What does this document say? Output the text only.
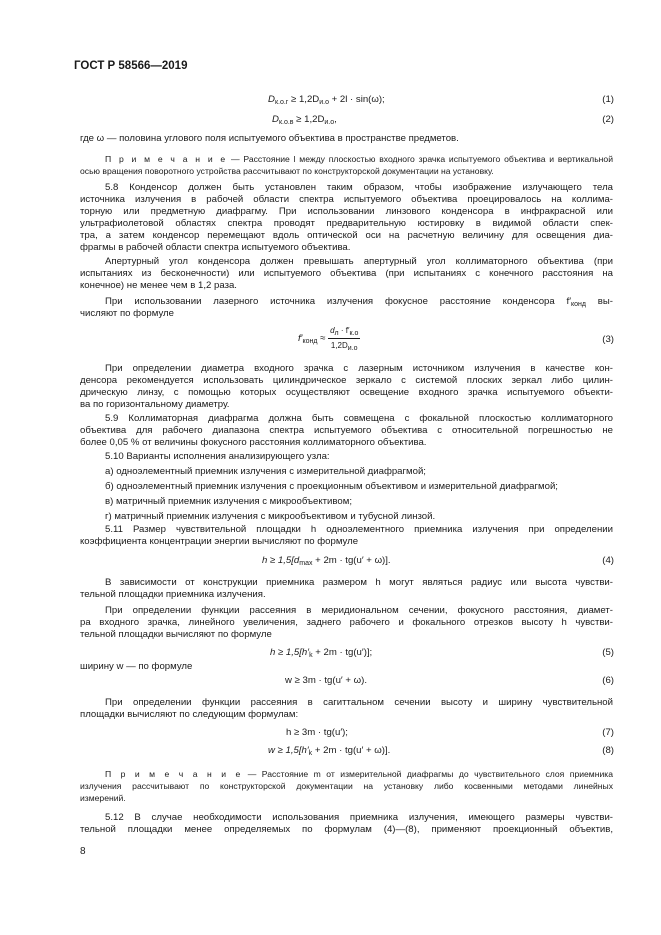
ГОСТ Р 58566—2019
$D_{к.о.г} \ge 1,2D_{и.о} + 2l \cdot \sin(\omega)$;	(1)
$D_{к.о.в} \ge 1,2D_{и.о}$,	(2)
где ω — половина углового поля испытуемого объектива в пространстве предметов.
П р и м е ч а н и е — Расстояние l между плоскостью входного зрачка испытуемого объектива и вертикальной
осью вращения поворотного устройства рассчитывают по конструкторской документации на установку.
5.8 Конденсор должен быть установлен таким образом, чтобы изображение излучающего тела
источника излучения в рабочей области спектра испытуемого объектива проецировалось на коллима-
торную или предметную диафрагму. При использовании линзового конденсора в инфракрасной или
ультрафиолетовой областях спектра проводят предварительную юстировку в видимой области спек-
тра, а затем конденсор перемещают вдоль оптической оси на расчетную величину для освещения диа-
фрагмы в рабочей области спектра испытуемого объектива.
Апертурный угол конденсора должен превышать апертурный угол коллиматорного объектива (при
испытаниях из бесконечности) или испытуемого объектива (при испытаниях с конечного расстояния на
конечное) не менее чем в 1,2 раза.
При использовании лазерного источника излучения фокусное расстояние конденсора $f'_{конд}$ вы-
числяют по формуле
$f'_{конд} \approx \frac{d_л \cdot f'_{к.о}}{1,2D_{и.о}}$	(3)
При определении диаметра входного зрачка с лазерным источником излучения в качестве кон-
денсора рекомендуется использовать цилиндрическое зеркало с системой плоских зеркал либо цилин-
дрическую линзу, с помощью которых осуществляют освещение входного зрачка испытуемого объекти-
ва по горизонтальному диаметру.
5.9 Коллиматорная диафрагма должна быть совмещена с фокальной плоскостью коллиматорного
объектива для рабочего диапазона спектра испытуемого объектива с относительной погрешностью не
более 0,05 % от величины фокусного расстояния коллиматорного объектива.
5.10 Варианты исполнения анализирующего узла:
а) одноэлементный приемник излучения с измерительной диафрагмой;
б) одноэлементный приемник излучения с проекционным объективом и измерительной диафрагмой;
в) матричный приемник излучения с микрообъективом;
г) матричный приемник излучения с микрообъективом и тубусной линзой.
5.11 Размер чувствительной площадки h одноэлементного приемника излучения при определении
коэффициента концентрации энергии вычисляют по формуле
$h \ge 1,5[d_{max} + 2m \cdot tg(u' + \omega)]$.	(4)
В зависимости от конструкции приемника размером h могут являться радиус или высота чувстви-
тельной площадки приемника излучения.
При определении функции рассеяния в меридиональном сечении, фокусного расстояния, диамет-
ра входного зрачка, линейного увеличения, заднего рабочего и фокального отрезков высоту h чувстви-
тельной площадки вычисляют по формуле
$h \ge 1,5[h'_k + 2m \cdot tg(u')]$;	(5)
ширину w — по формуле
w ≥ 3m · tg(u′ + ω).	(6)
При определении функции рассеяния в сагиттальном сечении высоту и ширину чувствительной
площадки вычисляют по следующим формулам:
h ≥ 3m · tg(u′);	(7)
$w \ge 1,5[h'_k + 2m \cdot tg(u' + \omega)]$.	(8)
П р и м е ч а н и е — Расстояние m от измерительной диафрагмы до чувствительного слоя приемника
излучения рассчитывают по конструкторской документации на установку либо косвенными методами линейных
измерений.
5.12 В случае необходимости использования приемника излучения, имеющего размеры чувстви-
тельной площадки менее определяемых по формулам (4)—(8), применяют проекционный объектив,
8
